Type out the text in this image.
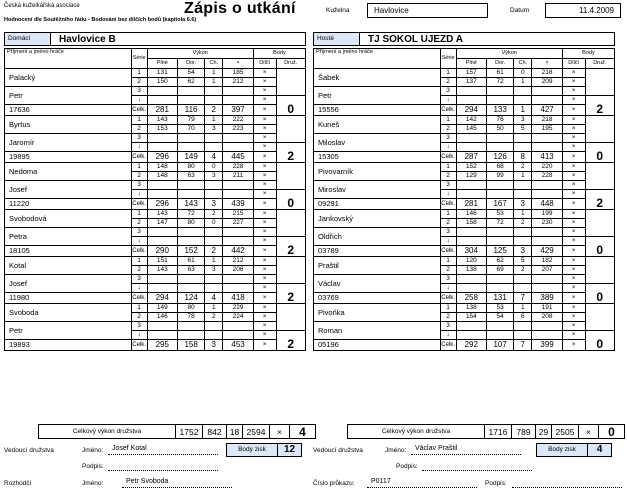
Česká kuželkářská asociace	Zápis o utkání
Hodnocení dle Soutěžního řádu - Bodování bez dílčích bodů (kapitola 6.6)
Kuželna	Havlovice	Datum	11.4.2009
Domácí	Havlovice B
Příjmení a jméno hráče	Série	Výkon				Body	
		Plné	Dor.	Ch.	×	Dílčí	Druž.
Palacký	1	131	54	1	185	×	
	2	150	62	1	212	×	
Petr	3					×	
	↓					×	0
17636	Celk.	281	116	2	397	×	
Byrtus	1	143	79	1	222	×	
	2	153	70	3	223	×	
Jaromír	3					×	
	↓					×	2
19895	Celk.	296	149	4	445	×	
Nedoma	1	148	80	0	228	×	
	2	148	63	3	211	×	
Josef	3					×	
	↓					×	0
11220	Celk.	296	143	3	439	×	
Svobodová	1	143	72	2	215	×	
	2	147	80	0	227	×	
Petra	3					×	
	↓					×	2
18105	Celk.	290	152	2	442	×	
Kotal	1	151	61	1	212	×	
	2	143	63	3	206	×	
Josef	3					×	
	↓					×	2
11980	Celk.	294	124	4	418	×	
Svoboda	1	149	80	1	229	×	
	2	146	78	2	224	×	
Petr	3					×	
	↓					×	2
19893	Celk.	295	158	3	453	×	
Hosté	TJ SOKOL UJEZD A
Příjmení a jméno hráče	Série	Výkon				Body	
		Plné	Dor.	Ch.	×	Dílčí	Druž.
Šabek	1	157	61	0	218	×	
	2	137	72	1	209	×	
Petr	3					×	
	↓					×	2
15556	Celk.	294	133	1	427	×	
Kuneš	1	142	76	3	218	×	
	2	145	50	5	195	×	
Miloslav	3					×	
	↓					×	0
15305	Celk.	287	126	8	413	×	
Pivovarník	1	152	68	2	220	×	
	2	129	99	1	228	×	
Miroslav	3					×	
	↓					×	2
09291	Celk.	281	167	3	448	×	
Jankovský	1	146	53	1	199	×	
	2	158	72	2	230	×	
Oldřich	3					×	
	↓					×	0
03789	Celk.	304	125	3	429	×	
Praštil	1	120	62	5	182	×	
	2	138	69	2	207	×	
Václav	3					×	
	↓					×	0
03769	Celk.	258	131	7	389	×	
Pivoňka	1	138	53	1	191	×	
	2	154	54	6	208	×	
Roman	3					×	
	↓					×	0
05196	Celk.	292	107	7	399	×	
Celkový výkon družstva	1752	842 18 2594	×	4	Celkový výkon družstva	1716	789 29 2505	×	0
Body zisk	12	Body zisk	4
Vedoucí družstva	Jméno:	Josef Kotal
Podpis:
Vedoucí družstva	Jméno:	Václav Praštil
Podpis:
Rozhodčí	Jméno:	Petr Svoboda	Číslo průkazu:	P0117	Podpis:
